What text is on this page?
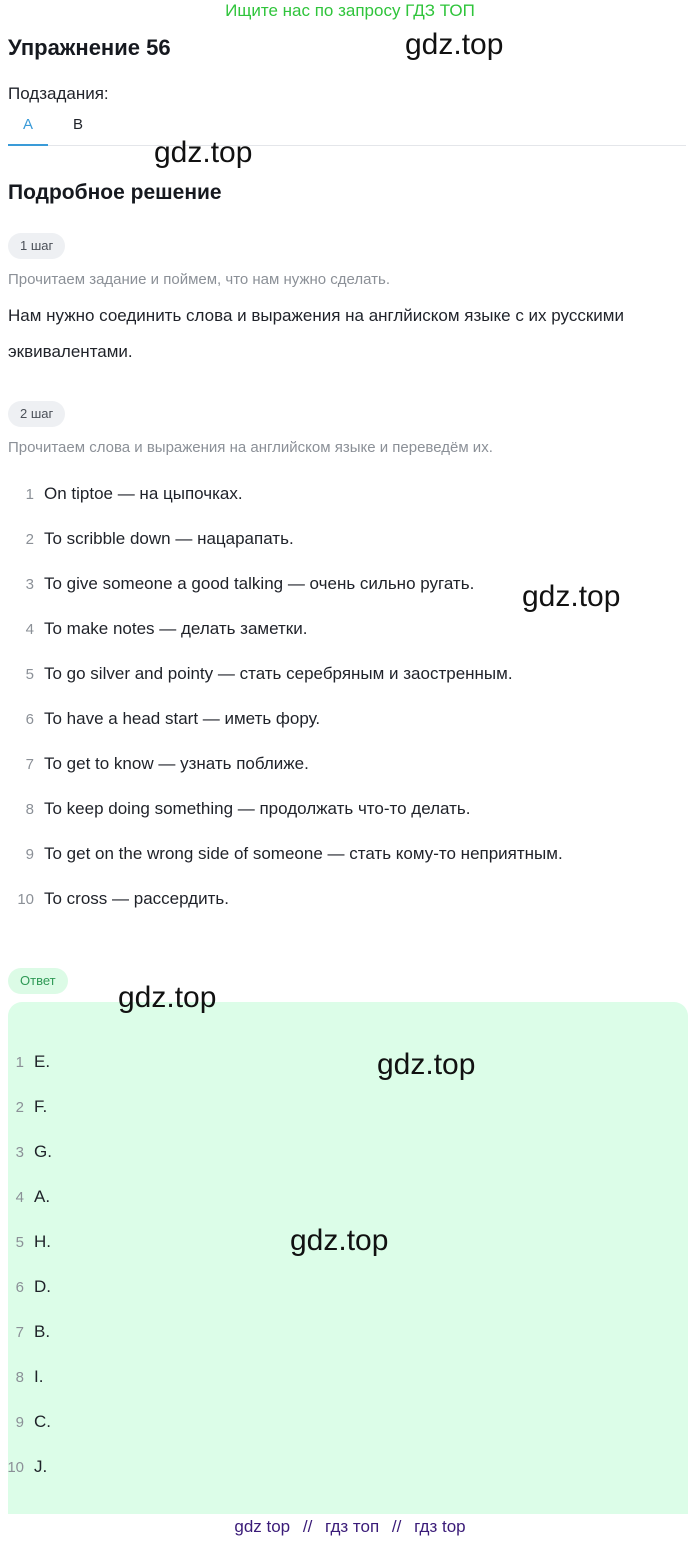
Ищите нас по запросу ГДЗ ТОП
Упражнение 56
Подзадания:
A	B
Подробное решение
1 шаг
Прочитаем задание и поймем, что нам нужно сделать.
Нам нужно соединить слова и выражения на англйиском языке с их русскими эквивалентами.
2 шаг
Прочитаем слова и выражения на английском языке и переведём их.
1 On tiptoe — на цыпочках.
2 To scribble down — нацарапать.
3 To give someone a good talking — очень сильно ругать.
4 To make notes — делать заметки.
5 To go silver and pointy — стать серебряным и заостренным.
6 To have a head start — иметь фору.
7 To get to know — узнать поближе.
8 To keep doing something — продолжать что-то делать.
9 To get on the wrong side of someone — стать кому-то неприятным.
10 To cross — рассердить.
Ответ
1 E.
2 F.
3 G.
4 A.
5 H.
6 D.
7 B.
8 I.
9 C.
10 J.
gdz.top
gdz.top
gdz.top
gdz.top
gdz.top
gdz.top
gdz top // гдз топ // гдз top
